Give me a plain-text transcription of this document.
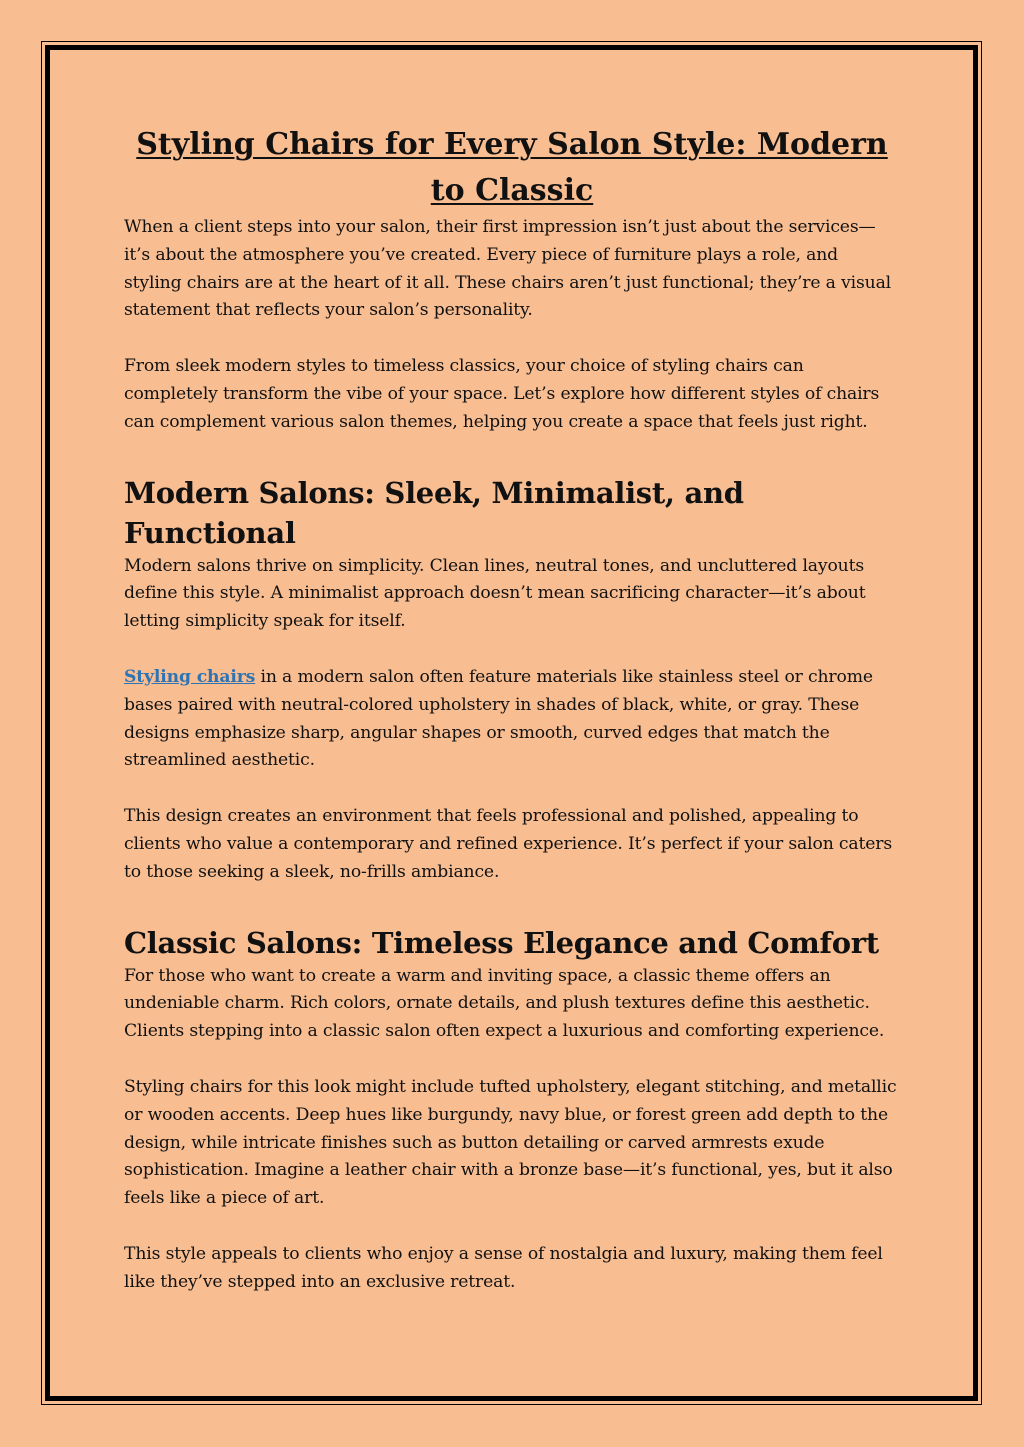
Styling Chairs for Every Salon Style: Modern to Classic

When a client steps into your salon, their first impression isn’t just about the services—it’s about the atmosphere you’ve created. Every piece of furniture plays a role, and styling chairs are at the heart of it all. These chairs aren’t just functional; they’re a visual statement that reflects your salon’s personality.

From sleek modern styles to timeless classics, your choice of styling chairs can completely transform the vibe of your space. Let’s explore how different styles of chairs can complement various salon themes, helping you create a space that feels just right.

Modern Salons: Sleek, Minimalist, and Functional

Modern salons thrive on simplicity. Clean lines, neutral tones, and uncluttered layouts define this style. A minimalist approach doesn’t mean sacrificing character—it’s about letting simplicity speak for itself.

Styling chairs in a modern salon often feature materials like stainless steel or chrome bases paired with neutral-colored upholstery in shades of black, white, or gray. These designs emphasize sharp, angular shapes or smooth, curved edges that match the streamlined aesthetic.

This design creates an environment that feels professional and polished, appealing to clients who value a contemporary and refined experience. It’s perfect if your salon caters to those seeking a sleek, no-frills ambiance.

Classic Salons: Timeless Elegance and Comfort

For those who want to create a warm and inviting space, a classic theme offers an undeniable charm. Rich colors, ornate details, and plush textures define this aesthetic. Clients stepping into a classic salon often expect a luxurious and comforting experience.

Styling chairs for this look might include tufted upholstery, elegant stitching, and metallic or wooden accents. Deep hues like burgundy, navy blue, or forest green add depth to the design, while intricate finishes such as button detailing or carved armrests exude sophistication. Imagine a leather chair with a bronze base—it’s functional, yes, but it also feels like a piece of art.

This style appeals to clients who enjoy a sense of nostalgia and luxury, making them feel like they’ve stepped into an exclusive retreat.
